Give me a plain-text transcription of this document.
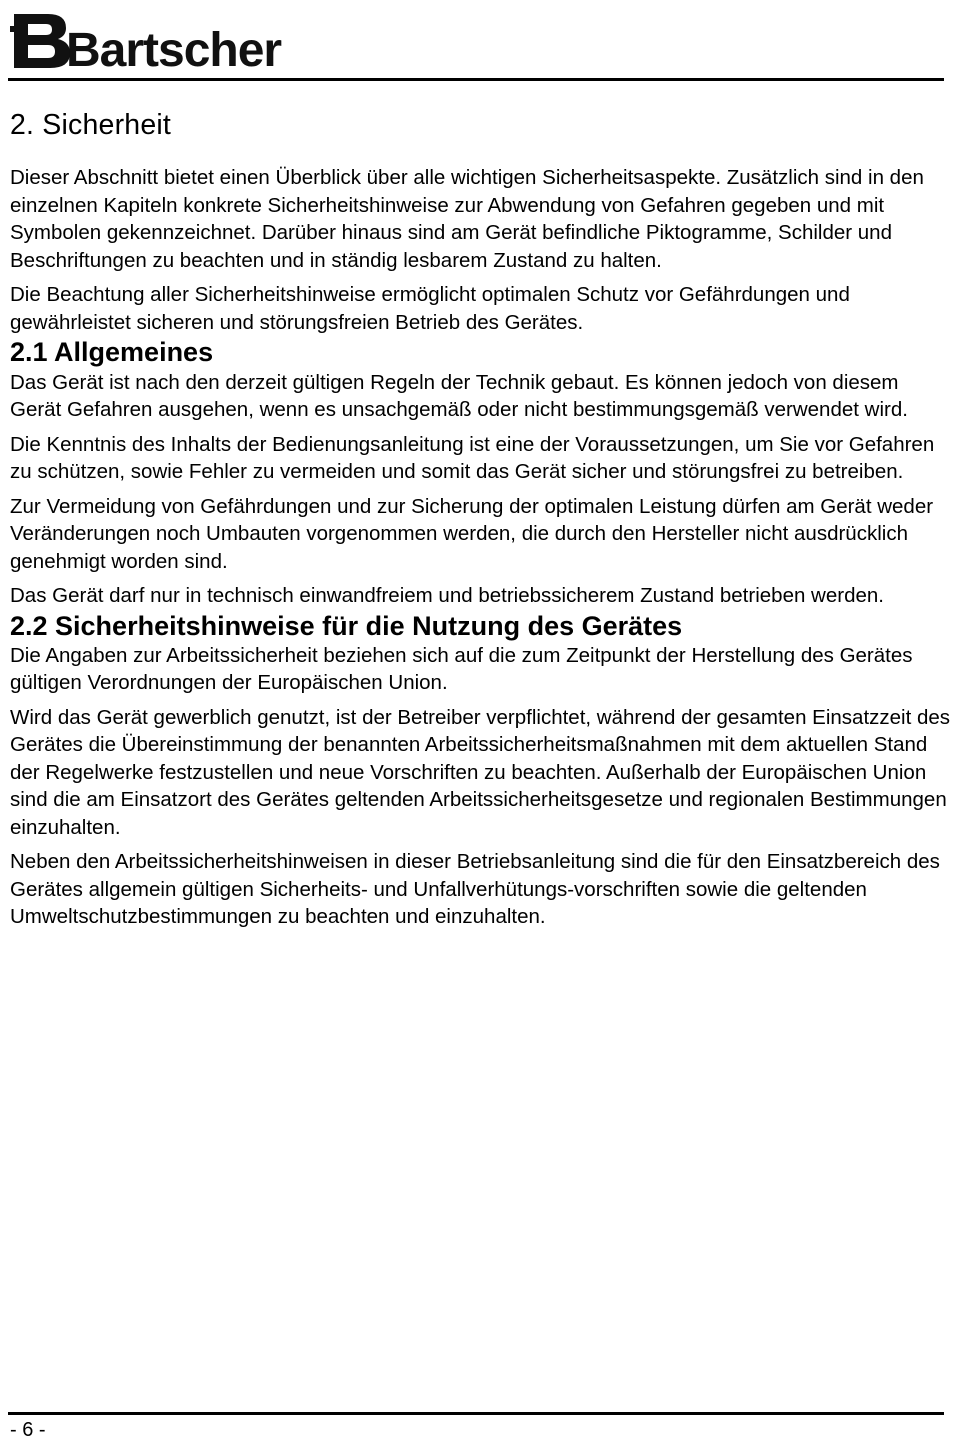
Bartscher
2. Sicherheit

Dieser Abschnitt bietet einen Überblick über alle wichtigen Sicherheitsaspekte. Zusätzlich sind in den einzelnen Kapiteln konkrete Sicherheitshinweise zur Abwendung von Gefahren gegeben und mit Symbolen gekennzeichnet. Darüber hinaus sind am Gerät befindliche Piktogramme, Schilder und Beschriftungen zu beachten und in ständig lesbarem Zustand zu halten.

Die Beachtung aller Sicherheitshinweise ermöglicht optimalen Schutz vor Gefährdungen und gewährleistet sicheren und störungsfreien Betrieb des Gerätes.

2.1 Allgemeines

Das Gerät ist nach den derzeit gültigen Regeln der Technik gebaut. Es können jedoch von diesem Gerät Gefahren ausgehen, wenn es unsachgemäß oder nicht bestimmungsgemäß verwendet wird.

Die Kenntnis des Inhalts der Bedienungsanleitung ist eine der Voraussetzungen, um Sie vor Gefahren zu schützen, sowie Fehler zu vermeiden und somit das Gerät sicher und störungsfrei zu betreiben.

Zur Vermeidung von Gefährdungen und zur Sicherung der optimalen Leistung dürfen am Gerät weder Veränderungen noch Umbauten vorgenommen werden, die durch den Hersteller nicht ausdrücklich genehmigt worden sind.

Das Gerät darf nur in technisch einwandfreiem und betriebssicherem Zustand betrieben werden.

2.2 Sicherheitshinweise für die Nutzung des Gerätes

Die Angaben zur Arbeitssicherheit beziehen sich auf die zum Zeitpunkt der Herstellung des Gerätes gültigen Verordnungen der Europäischen Union.

Wird das Gerät gewerblich genutzt, ist der Betreiber verpflichtet, während der gesamten Einsatzzeit des Gerätes die Übereinstimmung der benannten Arbeitssicherheitsmaßnahmen mit dem aktuellen Stand der Regelwerke festzustellen und neue Vorschriften zu beachten. Außerhalb der Europäischen Union sind die am Einsatzort des Gerätes geltenden Arbeitssicherheitsgesetze und regionalen Bestimmungen einzuhalten.

Neben den Arbeitssicherheitshinweisen in dieser Betriebsanleitung sind die für den Einsatzbereich des Gerätes allgemein gültigen Sicherheits- und Unfallverhütungs-vorschriften sowie die geltenden Umweltschutzbestimmungen zu beachten und einzuhalten.

- 6 -
